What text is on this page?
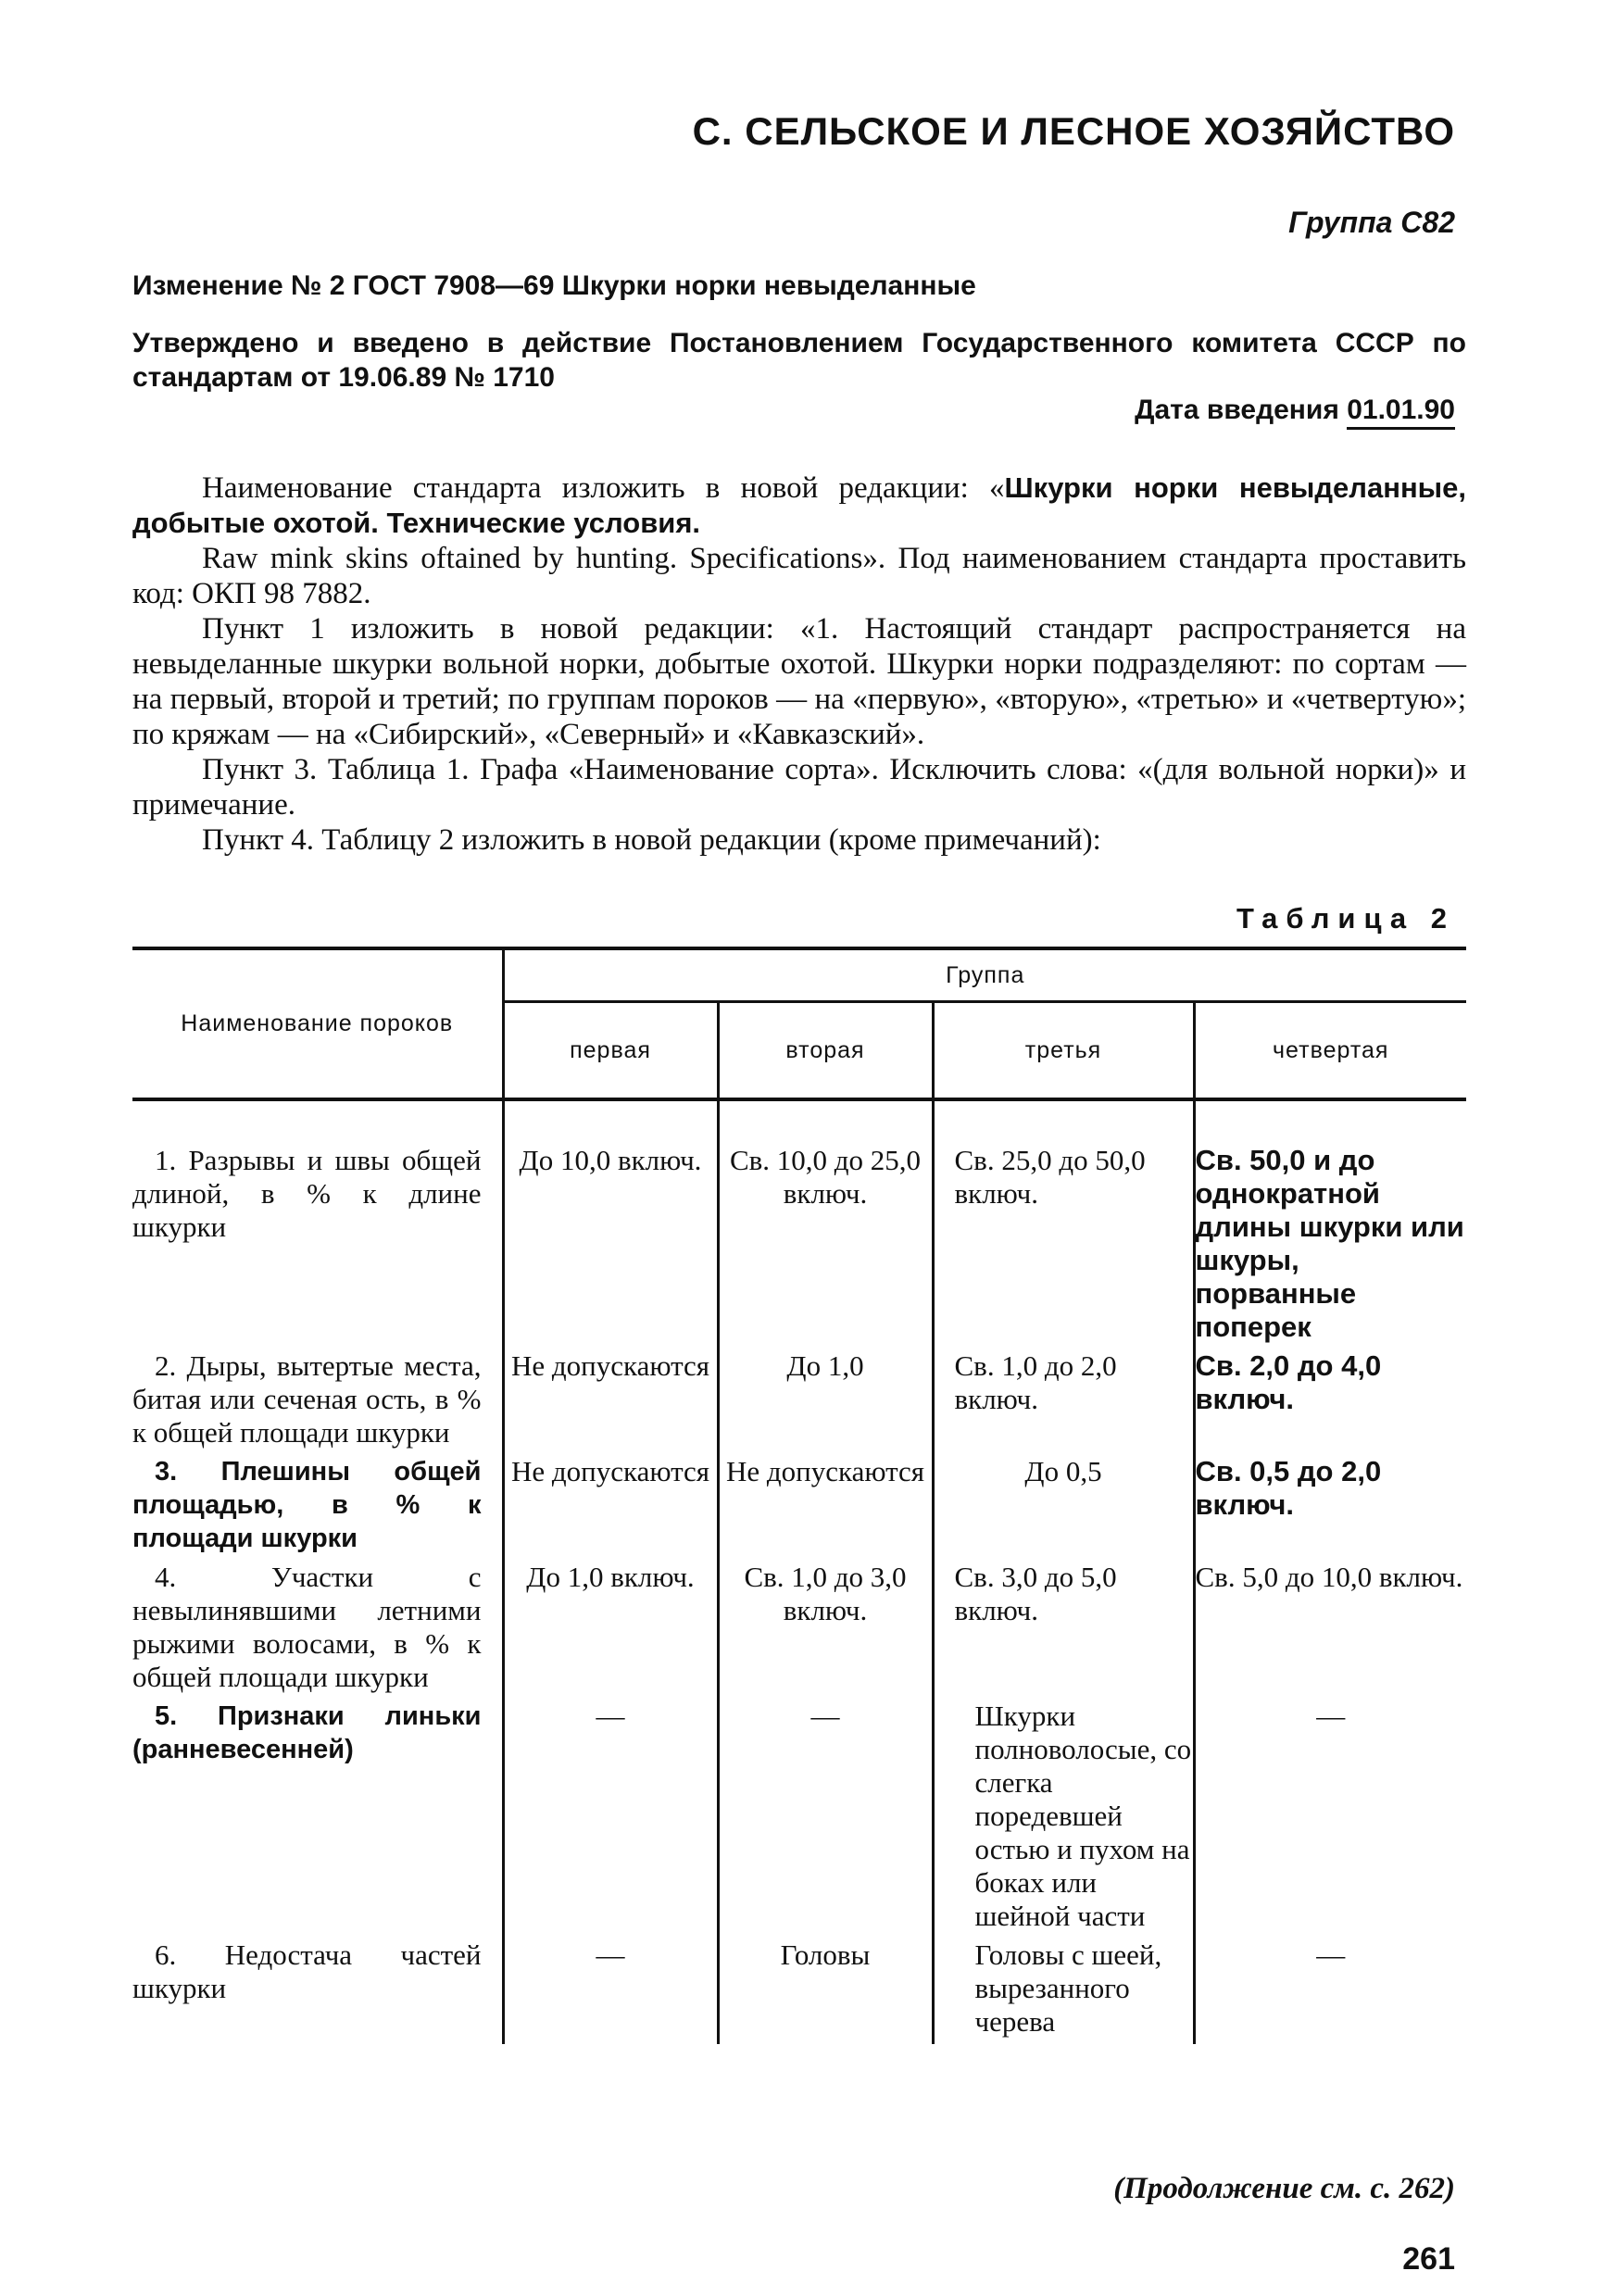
С. СЕЛЬСКОЕ И ЛЕСНОЕ ХОЗЯЙСТВО
Группа С82
Изменение № 2 ГОСТ 7908—69 Шкурки норки невыделанные
Утверждено и введено в действие Постановлением Государственного комитета СССР по стандартам от 19.06.89 № 1710
Дата введения 01.01.90

Наименование стандарта изложить в новой редакции: «Шкурки норки невыделанные, добытые охотой. Технические условия.

Raw mink skins oftained by hunting. Specifications». Под наименованием стандарта проставить код: ОКП 98 7882.

Пункт 1 изложить в новой редакции: «1. Настоящий стандарт распространяется на невыделанные шкурки вольной норки, добытые охотой. Шкурки норки подразделяют: по сортам — на первый, второй и третий; по группам пороков — на «первую», «вторую», «третью» и «четвертую»; по кряжам — на «Сибирский», «Северный» и «Кавказский».

Пункт 3. Таблица 1. Графа «Наименование сорта». Исключить слова: «(для вольной норки)» и примечание.

Пункт 4. Таблицу 2 изложить в новой редакции (кроме примечаний):

Таблица 2
Наименование пороков	Группа			
	первая	вторая	третья	четвертая

1. Разрывы и швы общей длиной, в % к длине шкурки	До 10,0 включ.	Св. 10,0 до 25,0 включ.	Св. 25,0 до 50,0 включ.	Св. 50,0 и до однократной длины шкурки или шкуры, порванные поперек

2. Дыры, вытертые места, битая или сеченая ость, в % к общей площади шкурки	Не допускаются	До 1,0	Св. 1,0 до 2,0 включ.	Св. 2,0 до 4,0 включ.

3. Плешины общей площадью, в % к площади шкурки	Не допускаются	Не допускаются	До 0,5	Св. 0,5 до 2,0 включ.

4. Участки с невылинявшими летними рыжими волосами, в % к общей площади шкурки	До 1,0 включ.	Св. 1,0 до 3,0 включ.	Св. 3,0 до 5,0 включ.	Св. 5,0 до 10,0 включ.

5. Признаки линьки (ранневесенней)	—	—	Шкурки полноволосые, со слегка поредевшей остью и пухом на боках или шейной части	—

6. Недостача частей шкурки	—	Головы	Головы с шеей, вырезанного черева	—
(Продолжение см. с. 262)
261
